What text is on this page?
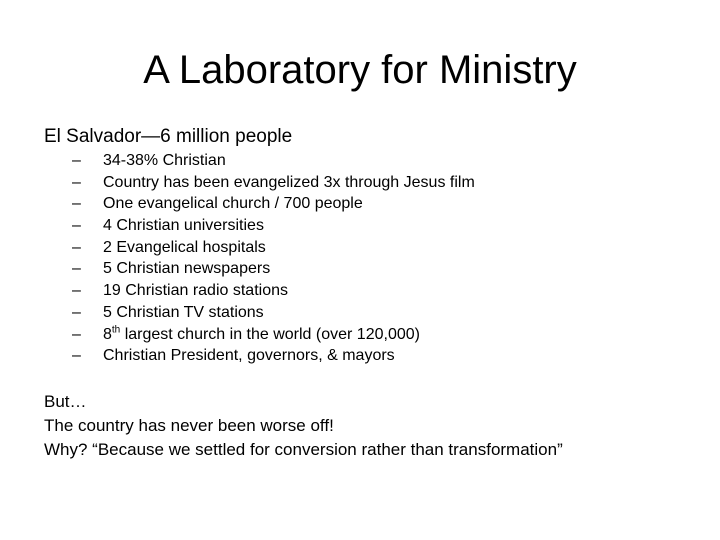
A Laboratory for Ministry

El Salvador—6 million people

– 34-38% Christian
– Country has been evangelized 3x through Jesus film
– One evangelical church / 700 people
– 4 Christian universities
– 2 Evangelical hospitals
– 5 Christian newspapers
– 19 Christian radio stations
– 5 Christian TV stations
– 8th largest church in the world (over 120,000)
– Christian President, governors, & mayors

But…

The country has never been worse off!

Why? “Because we settled for conversion rather than transformation”
